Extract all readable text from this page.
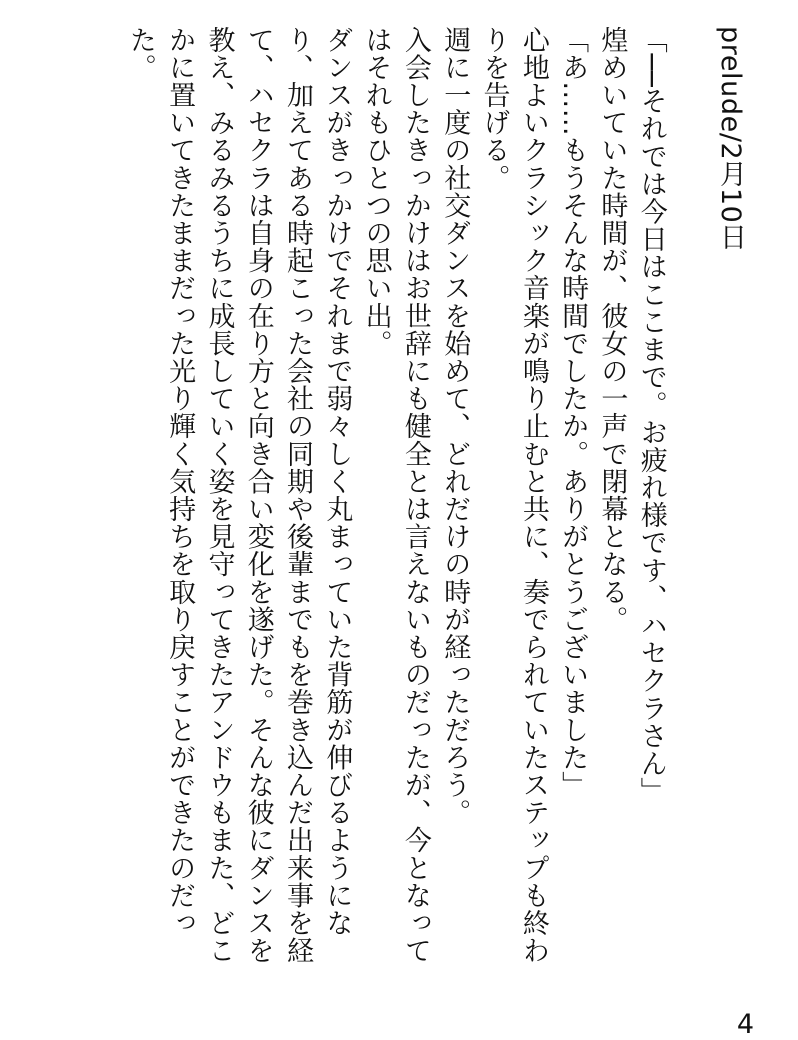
prelude/2月10日

「──それでは今日はここまで。お疲れ様です、ハセクラさん」

煌めいていた時間が、彼女の一声で閉幕となる。

「あ……もうそんな時間でしたか。ありがとうございました」

心地よいクラシック音楽が鳴り止むと共に、奏でられていたステップも終わりを告げる。

週に一度の社交ダンスを始めて、どれだけの時が経っただろう。

入会したきっかけはお世辞にも健全とは言えないものだったが、今となってはそれもひとつの思い出。

ダンスがきっかけでそれまで弱々しく丸まっていた背筋が伸びるようになり、加えてある時起こった会社の同期や後輩までもを巻き込んだ出来事を経て、ハセクラは自身の在り方と向き合い変化を遂げた。そんな彼にダンスを教え、みるみるうちに成長していく姿を見守ってきたアンドウもまた、どこかに置いてきたままだった光り輝く気持ちを取り戻すことができたのだった。

4
